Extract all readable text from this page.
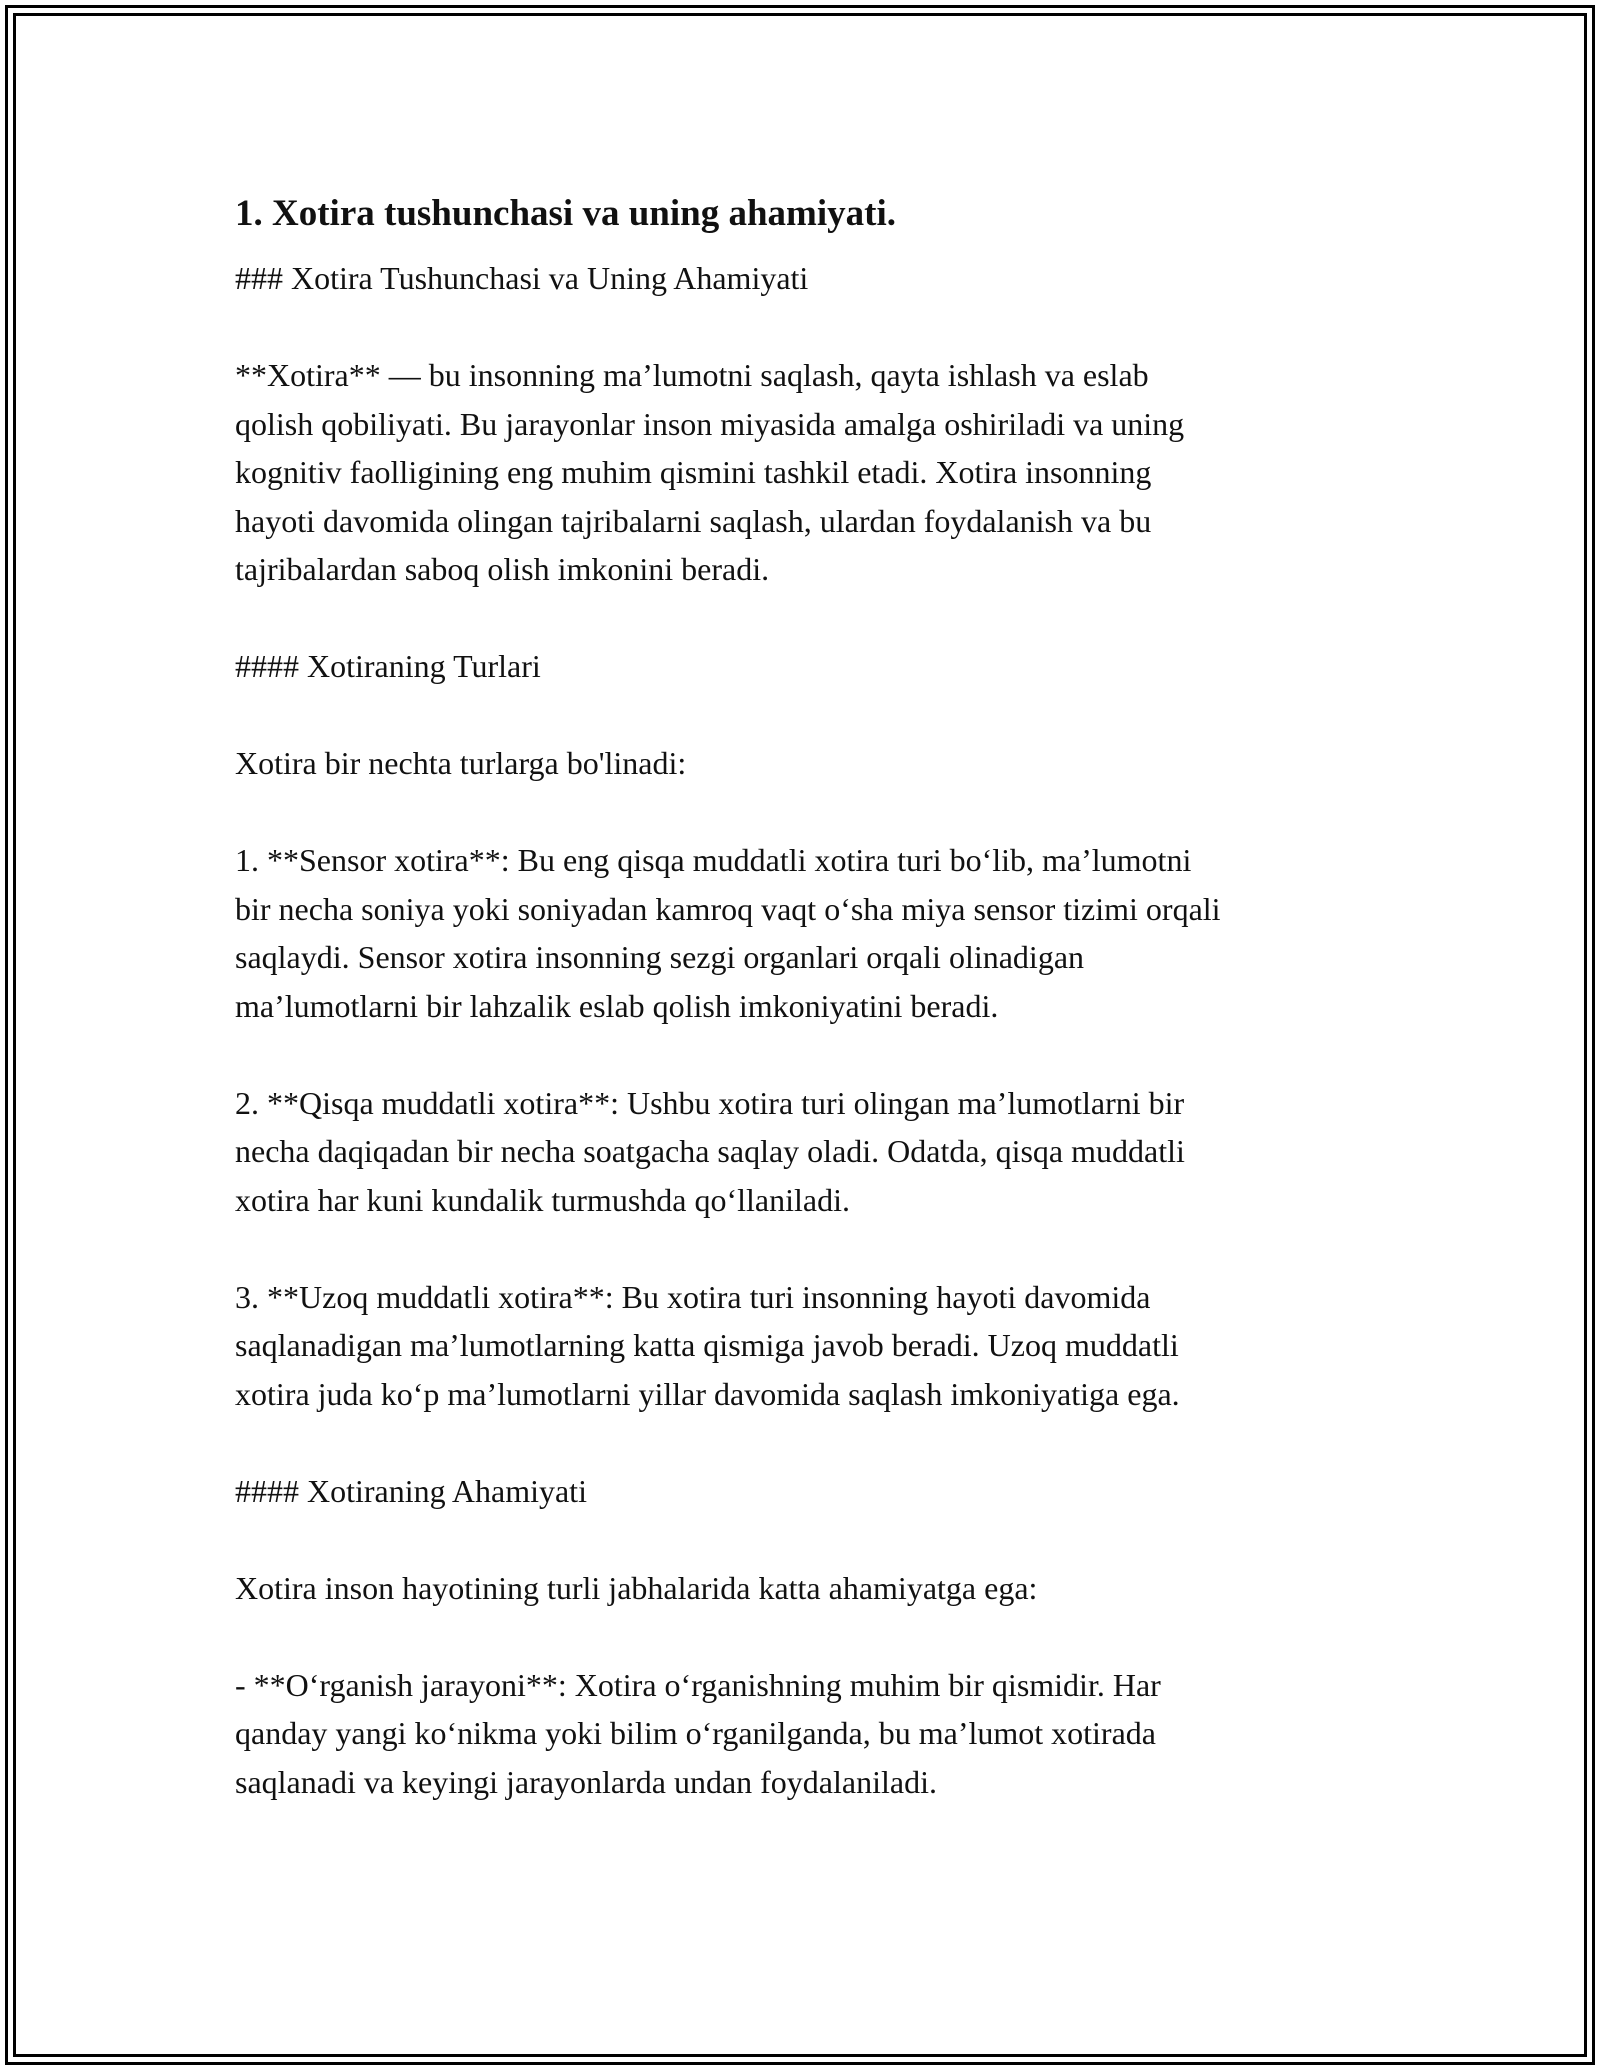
1. Xotira tushunchasi va uning ahamiyati.

### Xotira Tushunchasi va Uning Ahamiyati

**Xotira** — bu insonning ma’lumotni saqlash, qayta ishlash va eslab
qolish qobiliyati. Bu jarayonlar inson miyasida amalga oshiriladi va uning
kognitiv faolligining eng muhim qismini tashkil etadi. Xotira insonning
hayoti davomida olingan tajribalarni saqlash, ulardan foydalanish va bu
tajribalardan saboq olish imkonini beradi.

#### Xotiraning Turlari

Xotira bir nechta turlarga bo'linadi:

1. **Sensor xotira**: Bu eng qisqa muddatli xotira turi bo‘lib, ma’lumotni
bir necha soniya yoki soniyadan kamroq vaqt o‘sha miya sensor tizimi orqali
saqlaydi. Sensor xotira insonning sezgi organlari orqali olinadigan
ma’lumotlarni bir lahzalik eslab qolish imkoniyatini beradi.

2. **Qisqa muddatli xotira**: Ushbu xotira turi olingan ma’lumotlarni bir
necha daqiqadan bir necha soatgacha saqlay oladi. Odatda, qisqa muddatli
xotira har kuni kundalik turmushda qo‘llaniladi.

3. **Uzoq muddatli xotira**: Bu xotira turi insonning hayoti davomida
saqlanadigan ma’lumotlarning katta qismiga javob beradi. Uzoq muddatli
xotira juda ko‘p ma’lumotlarni yillar davomida saqlash imkoniyatiga ega.

#### Xotiraning Ahamiyati

Xotira inson hayotining turli jabhalarida katta ahamiyatga ega:

- **O‘rganish jarayoni**: Xotira o‘rganishning muhim bir qismidir. Har
qanday yangi ko‘nikma yoki bilim o‘rganilganda, bu ma’lumot xotirada
saqlanadi va keyingi jarayonlarda undan foydalaniladi.
